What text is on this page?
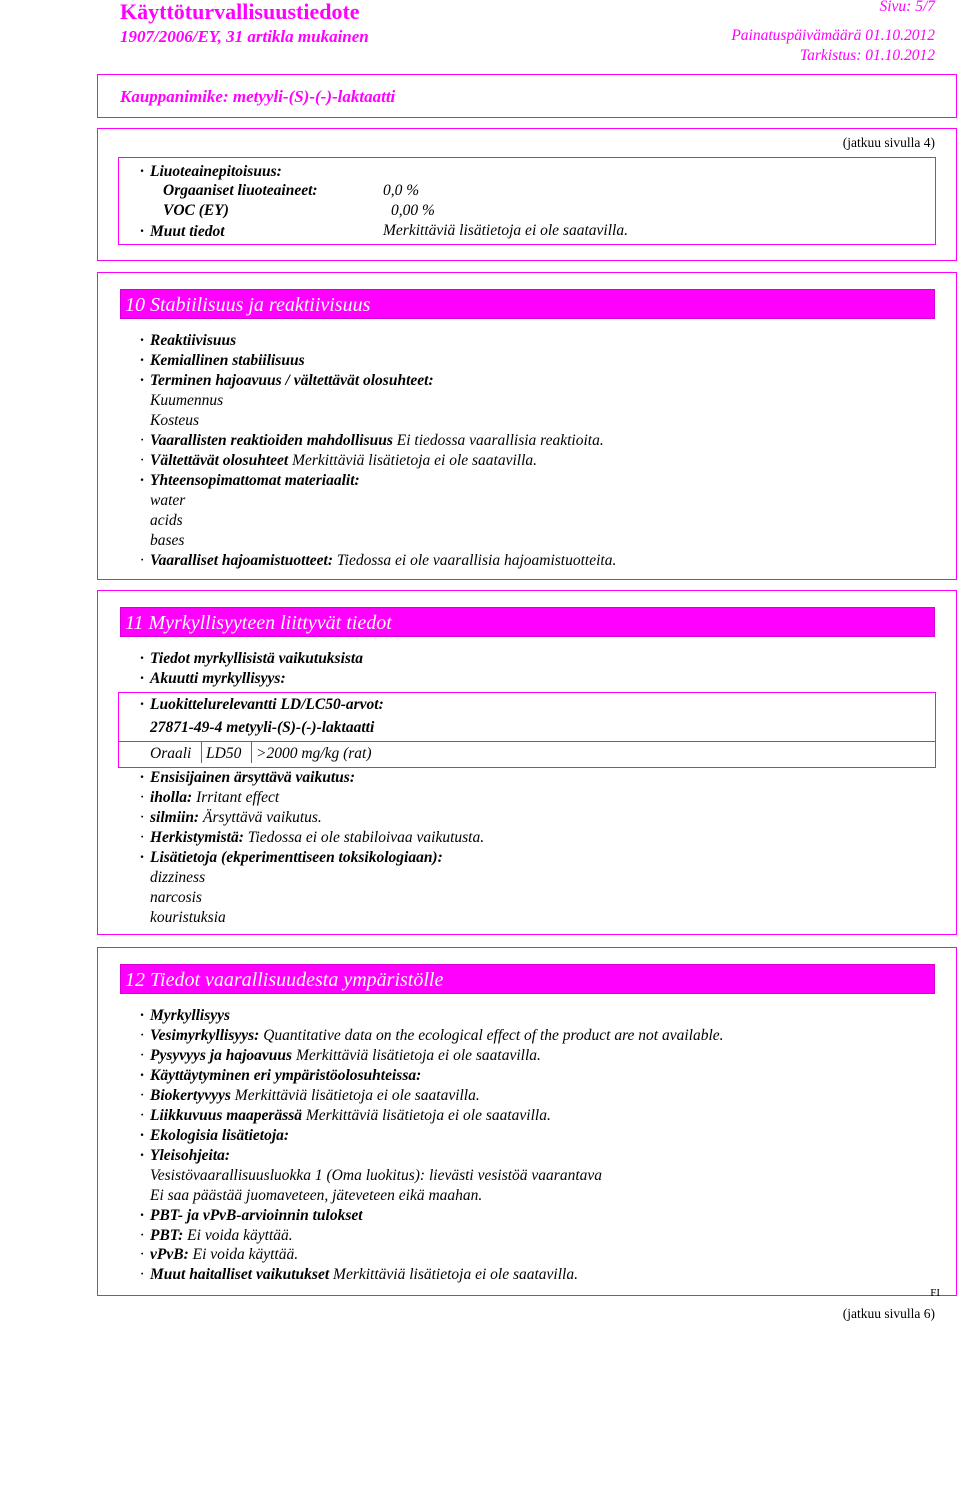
Käyttöturvallisuustiedote	Sivu: 5/7
1907/2006/EY, 31 artikla mukainen	Painatuspäivämäärä 01.10.2012
Tarkistus: 01.10.2012
Kauppanimike: metyyli-(S)-(-)-laktaatti
(jatkuu sivulla 4)
· Liuoteainepitoisuus:
Orgaaniset liuoteaineet:	0,0 %
VOC (EY)	0,00 %
· Muut tiedot	Merkittäviä lisätietoja ei ole saatavilla.
10 Stabiilisuus ja reaktiivisuus
· Reaktiivisuus
· Kemiallinen stabiilisuus
· Terminen hajoavuus / vältettävät olosuhteet:
Kuumennus
Kosteus
· Vaarallisten reaktioiden mahdollisuus Ei tiedossa vaarallisia reaktioita.
· Vältettävät olosuhteet Merkittäviä lisätietoja ei ole saatavilla.
· Yhteensopimattomat materiaalit:
water
acids
bases
· Vaaralliset hajoamistuotteet: Tiedossa ei ole vaarallisia hajoamistuotteita.
11 Myrkyllisyyteen liittyvät tiedot
· Tiedot myrkyllisistä vaikutuksista
· Akuutti myrkyllisyys:
· Luokittelurelevantti LD/LC50-arvot:
27871-49-4 metyyli-(S)-(-)-laktaatti
Oraali LD50 >2000 mg/kg (rat)
· Ensisijainen ärsyttävä vaikutus:
· iholla: Irritant effect
· silmiin: Ärsyttävä vaikutus.
· Herkistymistä: Tiedossa ei ole stabiloivaa vaikutusta.
· Lisätietoja (ekperimenttiseen toksikologiaan):
dizziness
narcosis
kouristuksia
12 Tiedot vaarallisuudesta ympäristölle
· Myrkyllisyys
· Vesimyrkyllisyys: Quantitative data on the ecological effect of the product are not available.
· Pysyvyys ja hajoavuus Merkittäviä lisätietoja ei ole saatavilla.
· Käyttäytyminen eri ympäristöolosuhteissa:
· Biokertyvyys Merkittäviä lisätietoja ei ole saatavilla.
· Liikkuvuus maaperässä Merkittäviä lisätietoja ei ole saatavilla.
· Ekologisia lisätietoja:
· Yleisohjeita:
Vesistövaarallisuusluokka 1 (Oma luokitus): lievästi vesistöä vaarantava
Ei saa päästää juomaveteen, jäteveteen eikä maahan.
· PBT- ja vPvB-arvioinnin tulokset
· PBT: Ei voida käyttää.
· vPvB: Ei voida käyttää.
· Muut haitalliset vaikutukset Merkittäviä lisätietoja ei ole saatavilla.
FI
(jatkuu sivulla 6)
